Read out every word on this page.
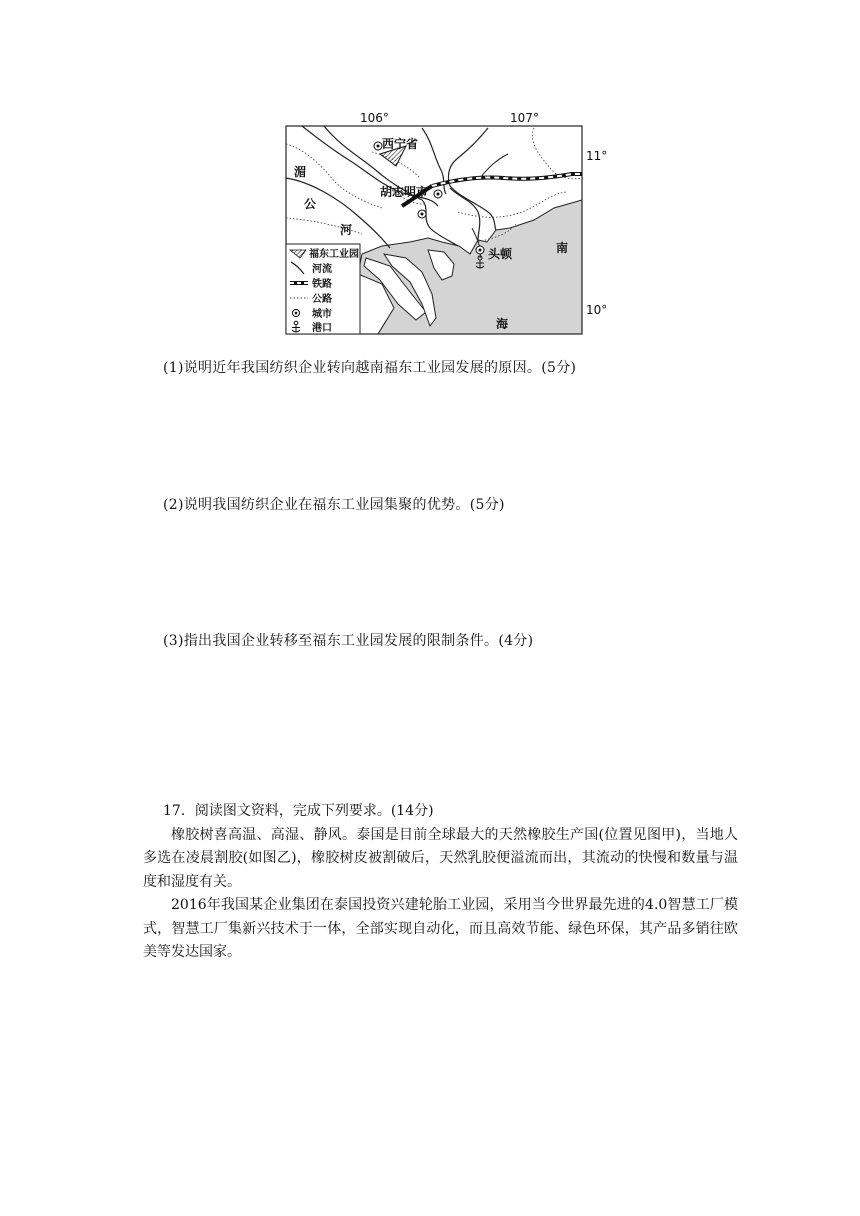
106°	107°
西宁省
胡志明市
头顿
湄
公
河
南
海
11°
10°
福东工业园
河流
铁路
公路
城市
港口
(1)说明近年我国纺织企业转向越南福东工业园发展的原因。(5分)
(2)说明我国纺织企业在福东工业园集聚的优势。(5分)
(3)指出我国企业转移至福东工业园发展的限制条件。(4分)

17．阅读图文资料，完成下列要求。(14分)

橡胶树喜高温、高湿、静风。泰国是目前全球最大的天然橡胶生产国(位置见图甲)，当地人多选在凌晨割胶(如图乙)，橡胶树皮被割破后，天然乳胶便溢流而出，其流动的快慢和数量与温度和湿度有关。

2016年我国某企业集团在泰国投资兴建轮胎工业园，采用当今世界最先进的4.0智慧工厂模式，智慧工厂集新兴技术于一体，全部实现自动化，而且高效节能、绿色环保，其产品多销往欧美等发达国家。
